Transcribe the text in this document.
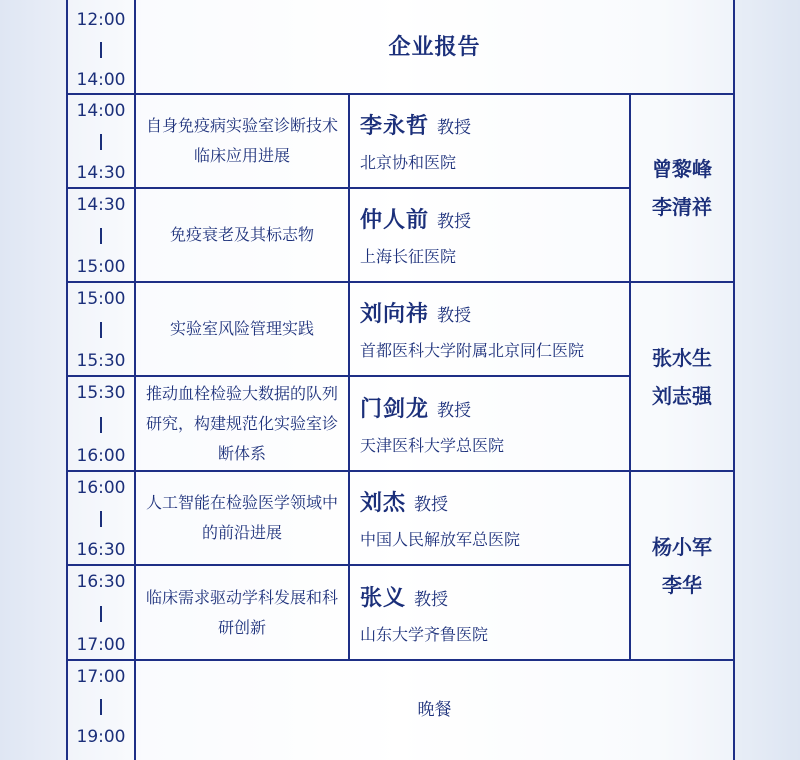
12:00
14:00
企业报告
14:00
14:30
自身免疫病实验室诊断技术临床应用进展
李永哲 教授
北京协和医院
14:30
15:00
免疫衰老及其标志物
仲人前 教授
上海长征医院
曾黎峰
李清祥
15:00
15:30
实验室风险管理实践
刘向祎 教授
首都医科大学附属北京同仁医院
15:30
16:00
推动血栓检验大数据的队列研究，构建规范化实验室诊断体系
门剑龙 教授
天津医科大学总医院
张水生
刘志强
16:00
16:30
人工智能在检验医学领域中的前沿进展
刘杰 教授
中国人民解放军总医院
16:30
17:00
临床需求驱动学科发展和科研创新
张义 教授
山东大学齐鲁医院
杨小军
李华
17:00
19:00
晚餐
